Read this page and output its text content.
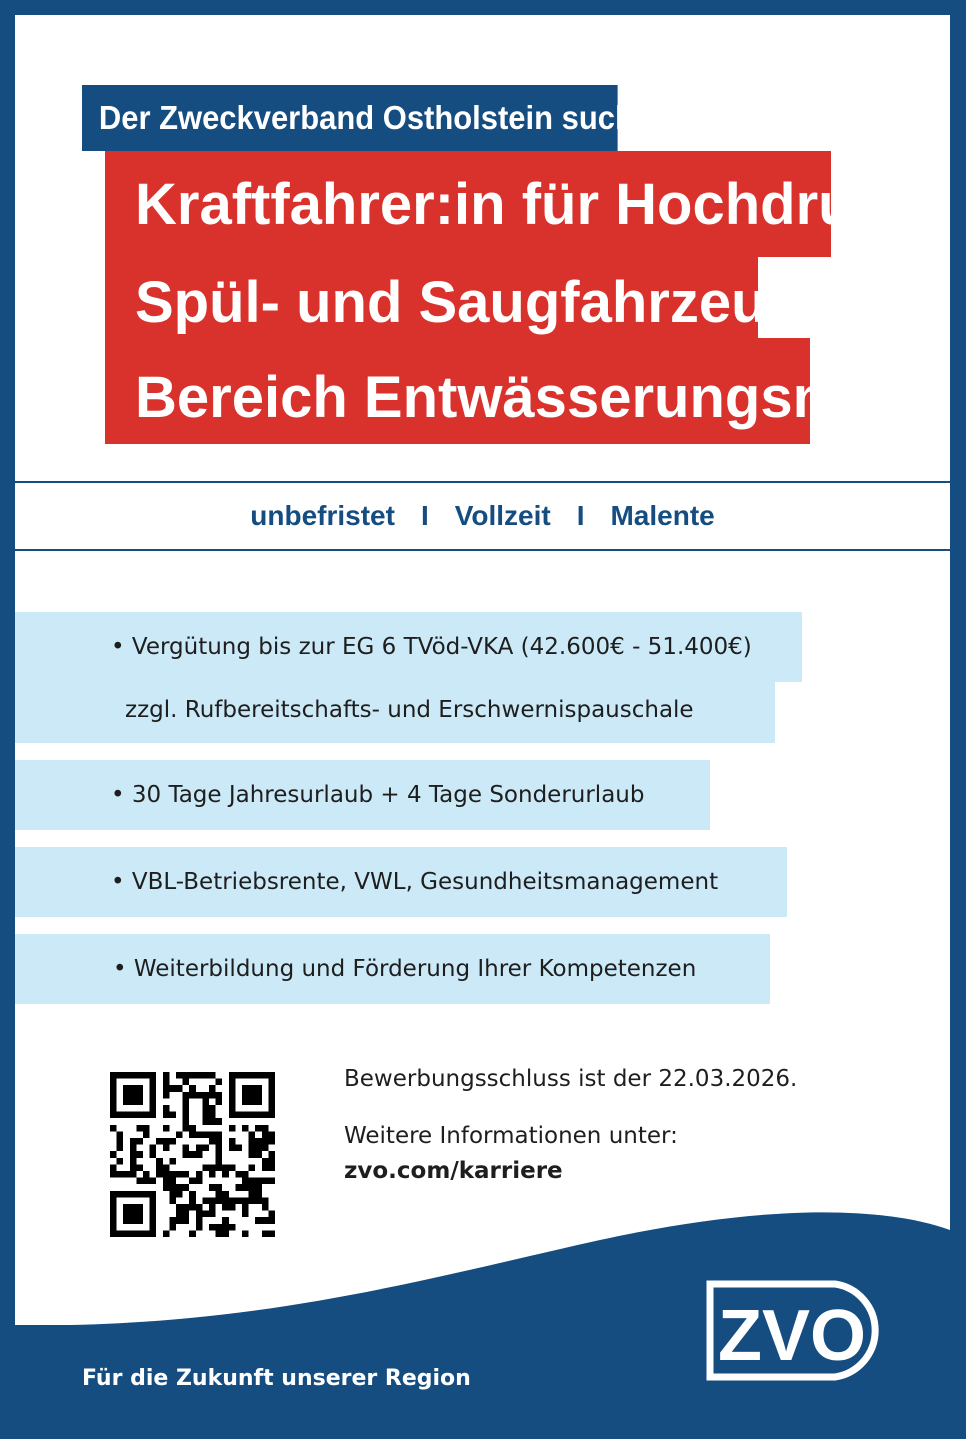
Der Zweckverband Ostholstein sucht
Spül- und Saugfahrzeug im
Bereich Entwässerungsnetze
Kraftfahrer:in für Hochdruck-
unbefristet I Vollzeit I Malente
• Vergütung bis zur EG 6 TVöd-VKA (42.600€ - 51.400€)
zzgl. Rufbereitschafts- und Erschwernispauschale
• 30 Tage Jahresurlaub + 4 Tage Sonderurlaub
• VBL-Betriebsrente, VWL, Gesundheitsmanagement
• Weiterbildung und Förderung Ihrer Kompetenzen
Bewerbungsschluss ist der 22.03.2026.
Weitere Informationen unter:
zvo.com/karriere
ZVO
Für die Zukunft unserer Region
